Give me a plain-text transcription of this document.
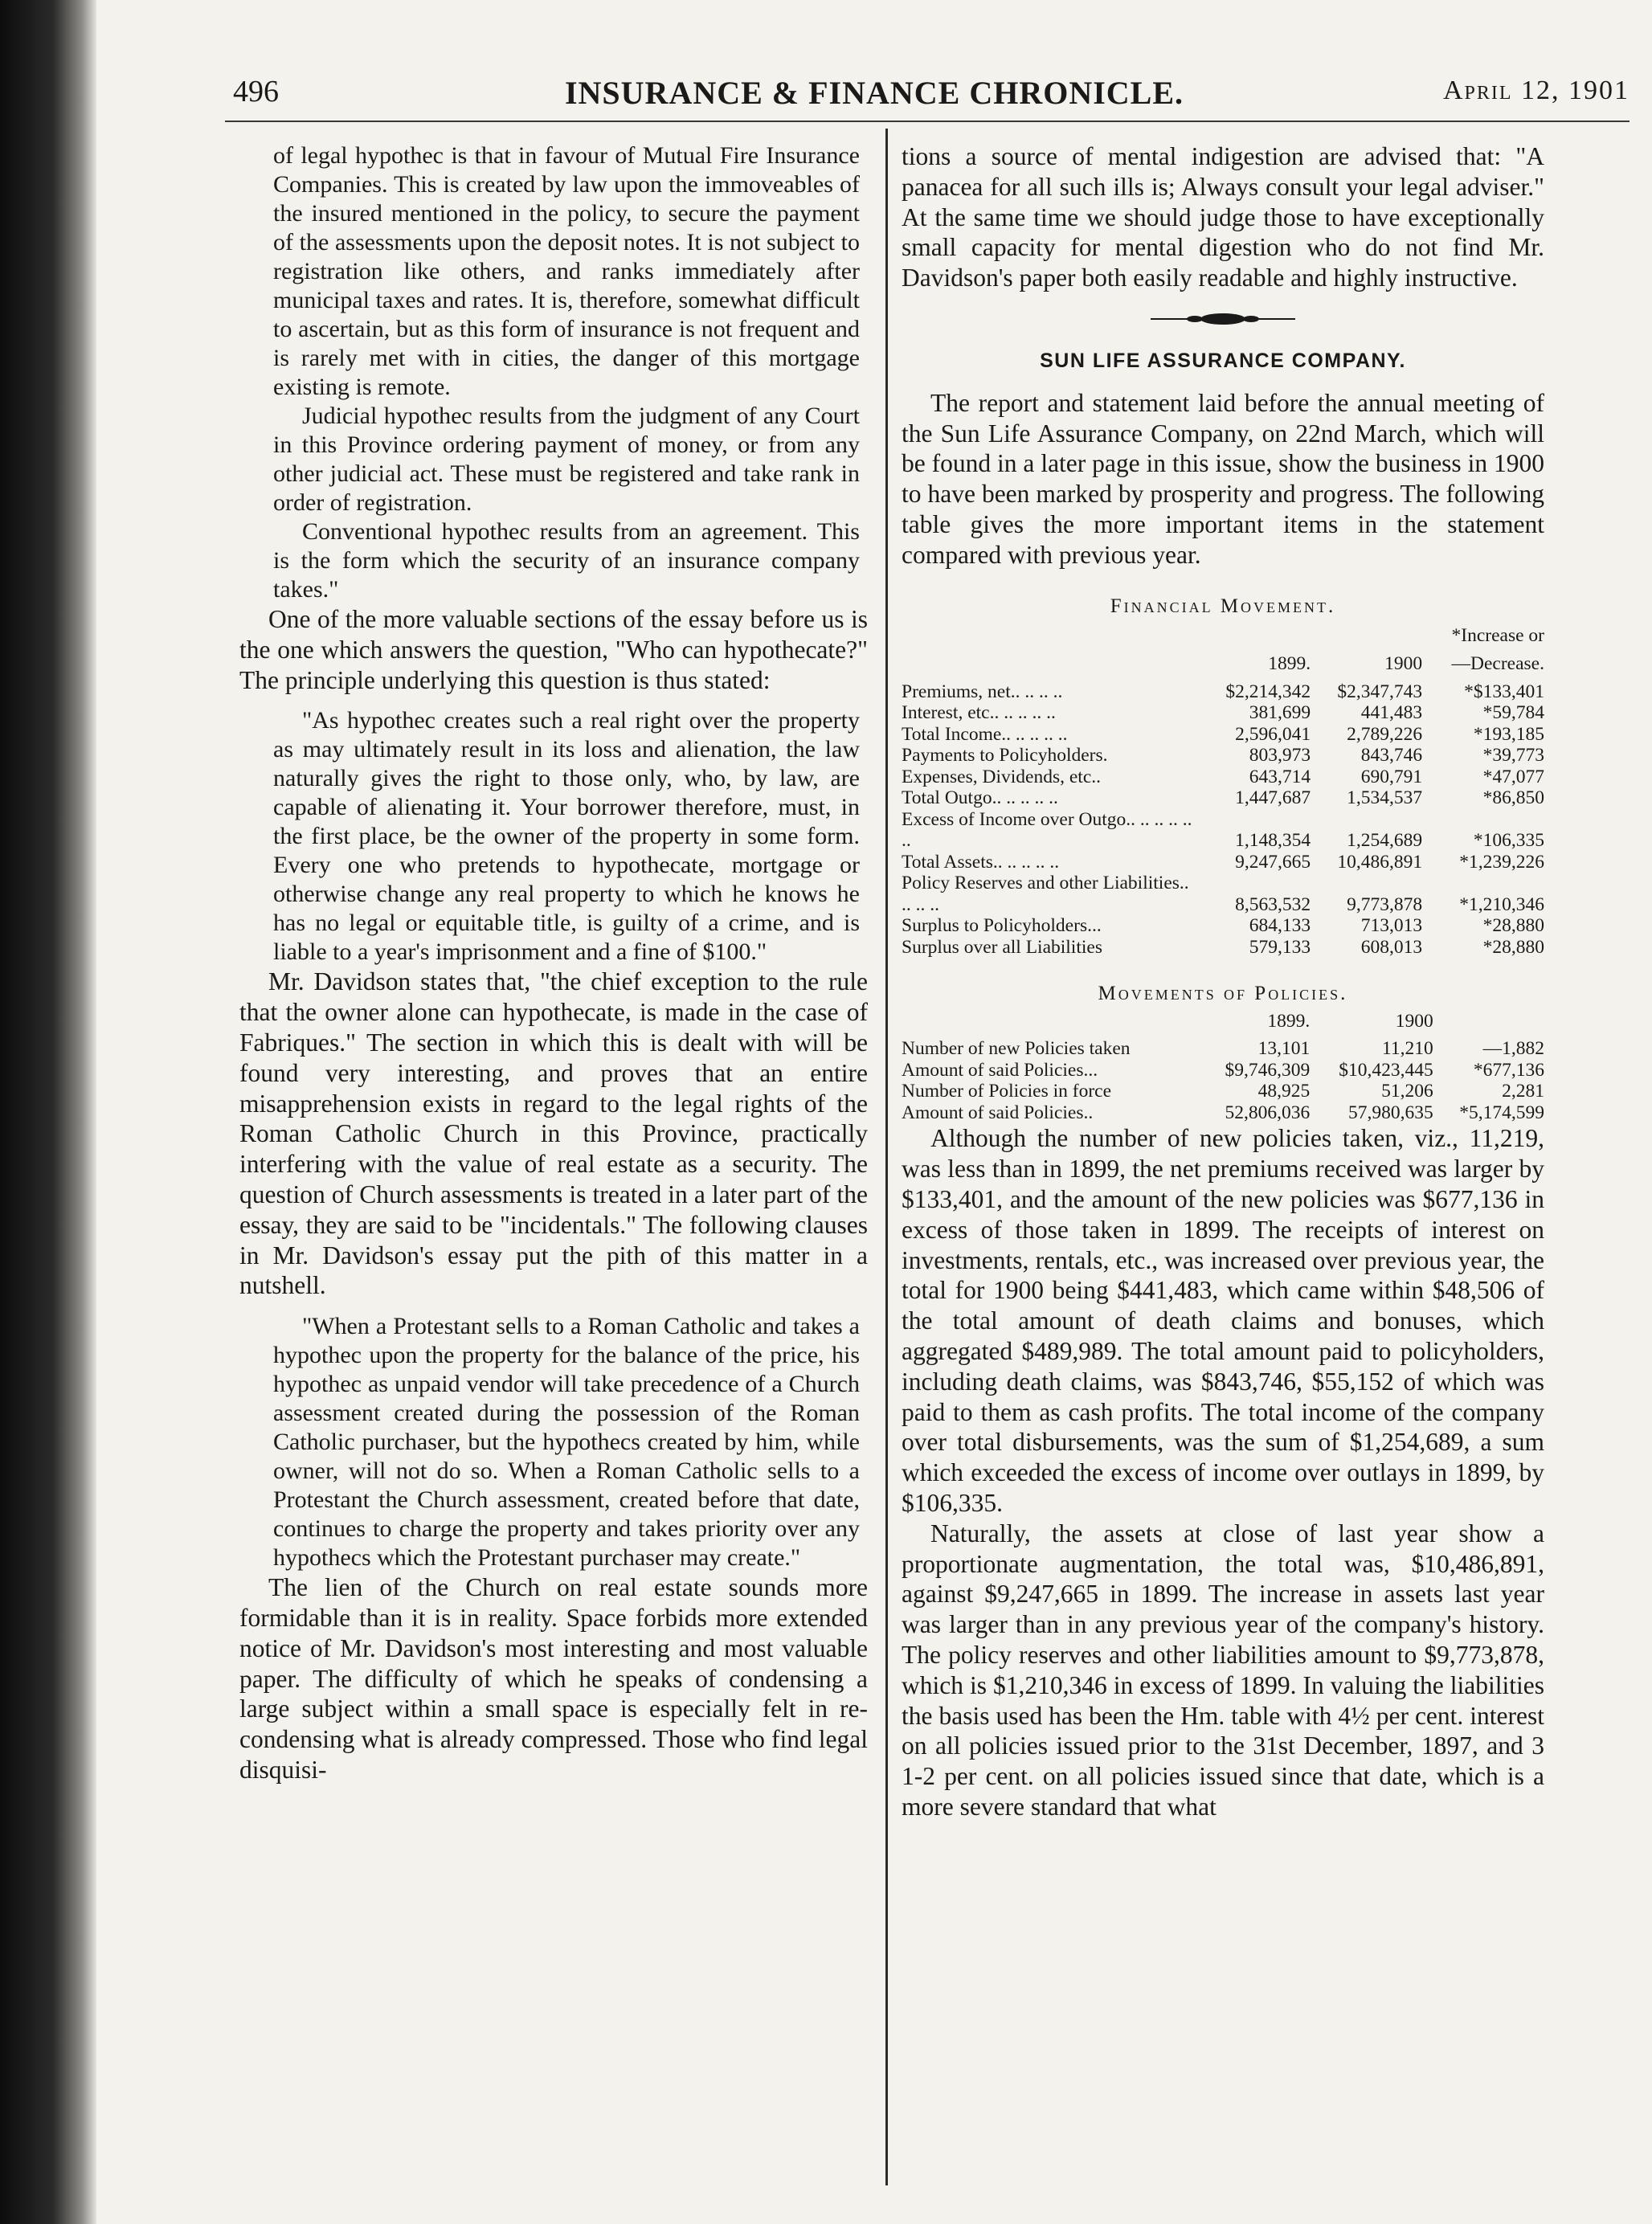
496	INSURANCE & FINANCE CHRONICLE.	April 12, 1901

of legal hypothec is that in favour of Mutual Fire Insurance Companies. This is created by law upon the immoveables of the insured mentioned in the policy, to secure the payment of the assessments upon the deposit notes. It is not subject to registration like others, and ranks immediately after municipal taxes and rates. It is, therefore, somewhat difficult to ascertain, but as this form of insurance is not frequent and is rarely met with in cities, the danger of this mortgage existing is remote.

Judicial hypothec results from the judgment of any Court in this Province ordering payment of money, or from any other judicial act. These must be registered and take rank in order of registration.

Conventional hypothec results from an agreement. This is the form which the security of an insurance company takes."

One of the more valuable sections of the essay before us is the one which answers the question, "Who can hypothecate?" The principle underlying this question is thus stated:

"As hypothec creates such a real right over the property as may ultimately result in its loss and alienation, the law naturally gives the right to those only, who, by law, are capable of alienating it. Your borrower therefore, must, in the first place, be the owner of the property in some form. Every one who pretends to hypothecate, mortgage or otherwise change any real property to which he knows he has no legal or equitable title, is guilty of a crime, and is liable to a year's imprisonment and a fine of $100."

Mr. Davidson states that, "the chief exception to the rule that the owner alone can hypothecate, is made in the case of Fabriques." The section in which this is dealt with will be found very interesting, and proves that an entire misapprehension exists in regard to the legal rights of the Roman Catholic Church in this Province, practically interfering with the value of real estate as a security. The question of Church assessments is treated in a later part of the essay, they are said to be "incidentals." The following clauses in Mr. Davidson's essay put the pith of this matter in a nutshell.

"When a Protestant sells to a Roman Catholic and takes a hypothec upon the property for the balance of the price, his hypothec as unpaid vendor will take precedence of a Church assessment created during the possession of the Roman Catholic purchaser, but the hypothecs created by him, while owner, will not do so. When a Roman Catholic sells to a Protestant the Church assessment, created before that date, continues to charge the property and takes priority over any hypothecs which the Protestant purchaser may create."

The lien of the Church on real estate sounds more formidable than it is in reality. Space forbids more extended notice of Mr. Davidson's most interesting and most valuable paper. The difficulty of which he speaks of condensing a large subject within a small space is especially felt in re-condensing what is already compressed. Those who find legal disquisi-

tions a source of mental indigestion are advised that: "A panacea for all such ills is; Always consult your legal adviser." At the same time we should judge those to have exceptionally small capacity for mental digestion who do not find Mr. Davidson's paper both easily readable and highly instructive.

SUN LIFE ASSURANCE COMPANY.

The report and statement laid before the annual meeting of the Sun Life Assurance Company, on 22nd March, which will be found in a later page in this issue, show the business in 1900 to have been marked by prosperity and progress. The following table gives the more important items in the statement compared with previous year.

Financial Movement.
*Increase or
	1899.	1900	—Decrease.
Premiums, net.. .. .. ..	$2,214,342	$2,347,743	*$133,401
Interest, etc.. .. .. .. ..	381,699	441,483	*59,784
Total Income.. .. .. .. ..	2,596,041	2,789,226	*193,185
Payments to Policyholders.	803,973	843,746	*39,773
Expenses, Dividends, etc..	643,714	690,791	*47,077
Total Outgo.. .. .. .. ..	1,447,687	1,534,537	*86,850
Excess of Income over Outgo.. .. .. .. .. ..	1,148,354	1,254,689	*106,335
Total Assets.. .. .. .. ..	9,247,665	10,486,891	*1,239,226
Policy Reserves and other Liabilities.. .. .. ..	8,563,532	9,773,878	*1,210,346
Surplus to Policyholders...	684,133	713,013	*28,880
Surplus over all Liabilities	579,133	608,013	*28,880
Movements of Policies.
	1899.	1900	
Number of new Policies taken	13,101	11,210	—1,882
Amount of said Policies...	$9,746,309	$10,423,445	*677,136
Number of Policies in force	48,925	51,206	2,281
Amount of said Policies..	52,806,036	57,980,635	*5,174,599

Although the number of new policies taken, viz., 11,219, was less than in 1899, the net premiums received was larger by $133,401, and the amount of the new policies was $677,136 in excess of those taken in 1899. The receipts of interest on investments, rentals, etc., was increased over previous year, the total for 1900 being $441,483, which came within $48,506 of the total amount of death claims and bonuses, which aggregated $489,989. The total amount paid to policyholders, including death claims, was $843,746, $55,152 of which was paid to them as cash profits. The total income of the company over total disbursements, was the sum of $1,254,689, a sum which exceeded the excess of income over outlays in 1899, by $106,335.

Naturally, the assets at close of last year show a proportionate augmentation, the total was, $10,486,891, against $9,247,665 in 1899. The increase in assets last year was larger than in any previous year of the company's history. The policy reserves and other liabilities amount to $9,773,878, which is $1,210,346 in excess of 1899. In valuing the liabilities the basis used has been the Hm. table with 4½ per cent. interest on all policies issued prior to the 31st December, 1897, and 3 1-2 per cent. on all policies issued since that date, which is a more severe standard that what
